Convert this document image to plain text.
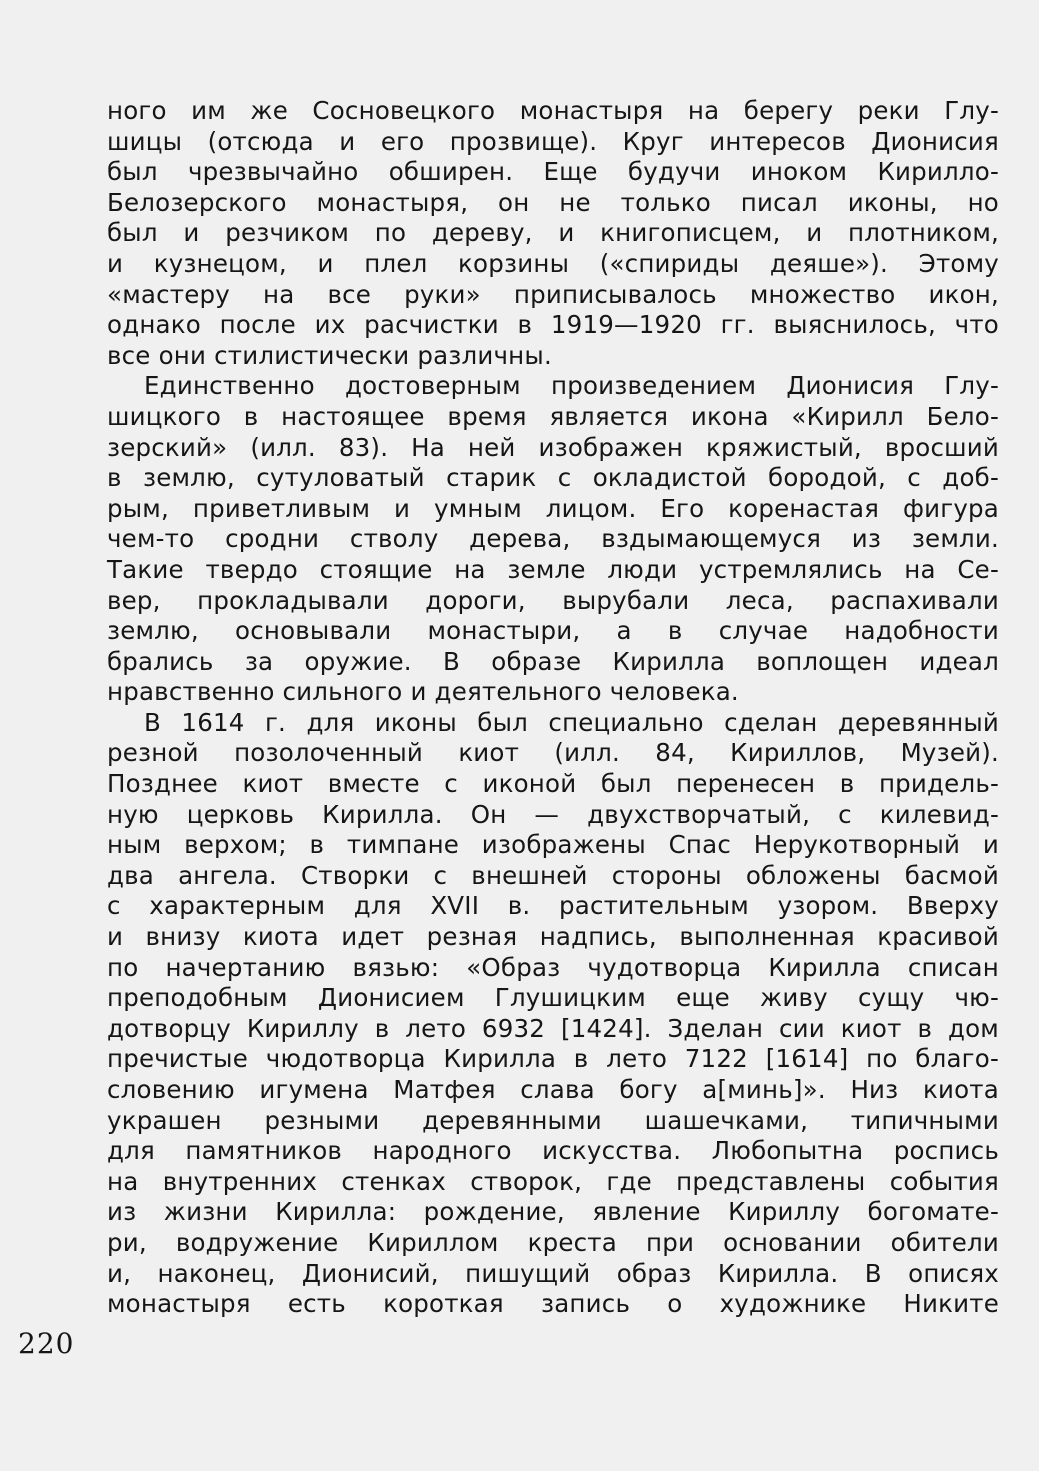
ного им же Сосновецкого монастыря на берегу реки Глу-
шицы (отсюда и его прозвище). Круг интересов Дионисия
был чрезвычайно обширен. Еще будучи иноком Кирилло-
Белозерского монастыря, он не только писал иконы, но
был и резчиком по дереву, и книгописцем, и плотником,
и кузнецом, и плел корзины («спириды деяше»). Этому
«мастеру на все руки» приписывалось множество икон,
однако после их расчистки в 1919—1920 гг. выяснилось, что
все они стилистически различны.
Единственно достоверным произведением Дионисия Глу-
шицкого в настоящее время является икона «Кирилл Бело-
зерский» (илл. 83). На ней изображен кряжистый, вросший
в землю, сутуловатый старик с окладистой бородой, с доб-
рым, приветливым и умным лицом. Его коренастая фигура
чем-то сродни стволу дерева, вздымающемуся из земли.
Такие твердо стоящие на земле люди устремлялись на Се-
вер, прокладывали дороги, вырубали леса, распахивали
землю, основывали монастыри, а в случае надобности
брались за оружие. В образе Кирилла воплощен идеал
нравственно сильного и деятельного человека.
В 1614 г. для иконы был специально сделан деревянный
резной позолоченный киот (илл. 84, Кириллов, Музей).
Позднее киот вместе с иконой был перенесен в придель-
ную церковь Кирилла. Он — двухстворчатый, с килевид-
ным верхом; в тимпане изображены Спас Нерукотворный и
два ангела. Створки с внешней стороны обложены басмой
с характерным для XVII в. растительным узором. Вверху
и внизу киота идет резная надпись, выполненная красивой
по начертанию вязью: «Образ чудотворца Кирилла списан
преподобным Дионисием Глушицким еще живу сущу чю-
дотворцу Кириллу в лето 6932 [1424]. Зделан сии киот в дом
пречистые чюдотворца Кирилла в лето 7122 [1614] по благо-
словению игумена Матфея слава богу а[минь]». Низ киота
украшен резными деревянными шашечками, типичными
для памятников народного искусства. Любопытна роспись
на внутренних стенках створок, где представлены события
из жизни Кирилла: рождение, явление Кириллу богомате-
ри, водружение Кириллом креста при основании обители
и, наконец, Дионисий, пишущий образ Кирилла. В описях
монастыря есть короткая запись о художнике Никите
220
